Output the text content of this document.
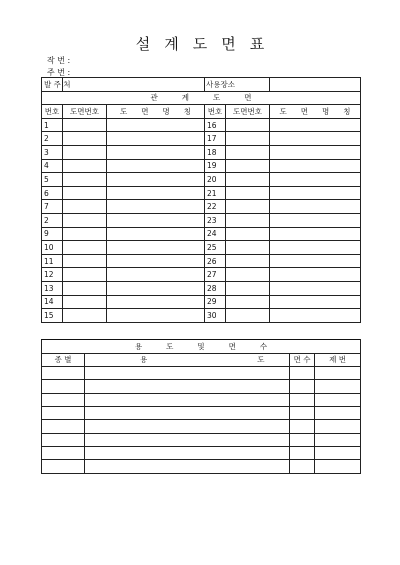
설 계 도 면 표
작 번 :
주 번 :
발 주 처			사용장소		
관 계 도 면					
번호	도면번호	도 면 명 칭	번호	도면번호	도 면 명 칭
1			16		
2			17		
3			18		
4			19		
5			20		
6			21		
7			22		
2			23		
9			24		
10			25		
11			26		
12			27		
13			28		
14			29		
15			30		
용 도 및 면 수			
종 별	용 도	면 수	제 번
